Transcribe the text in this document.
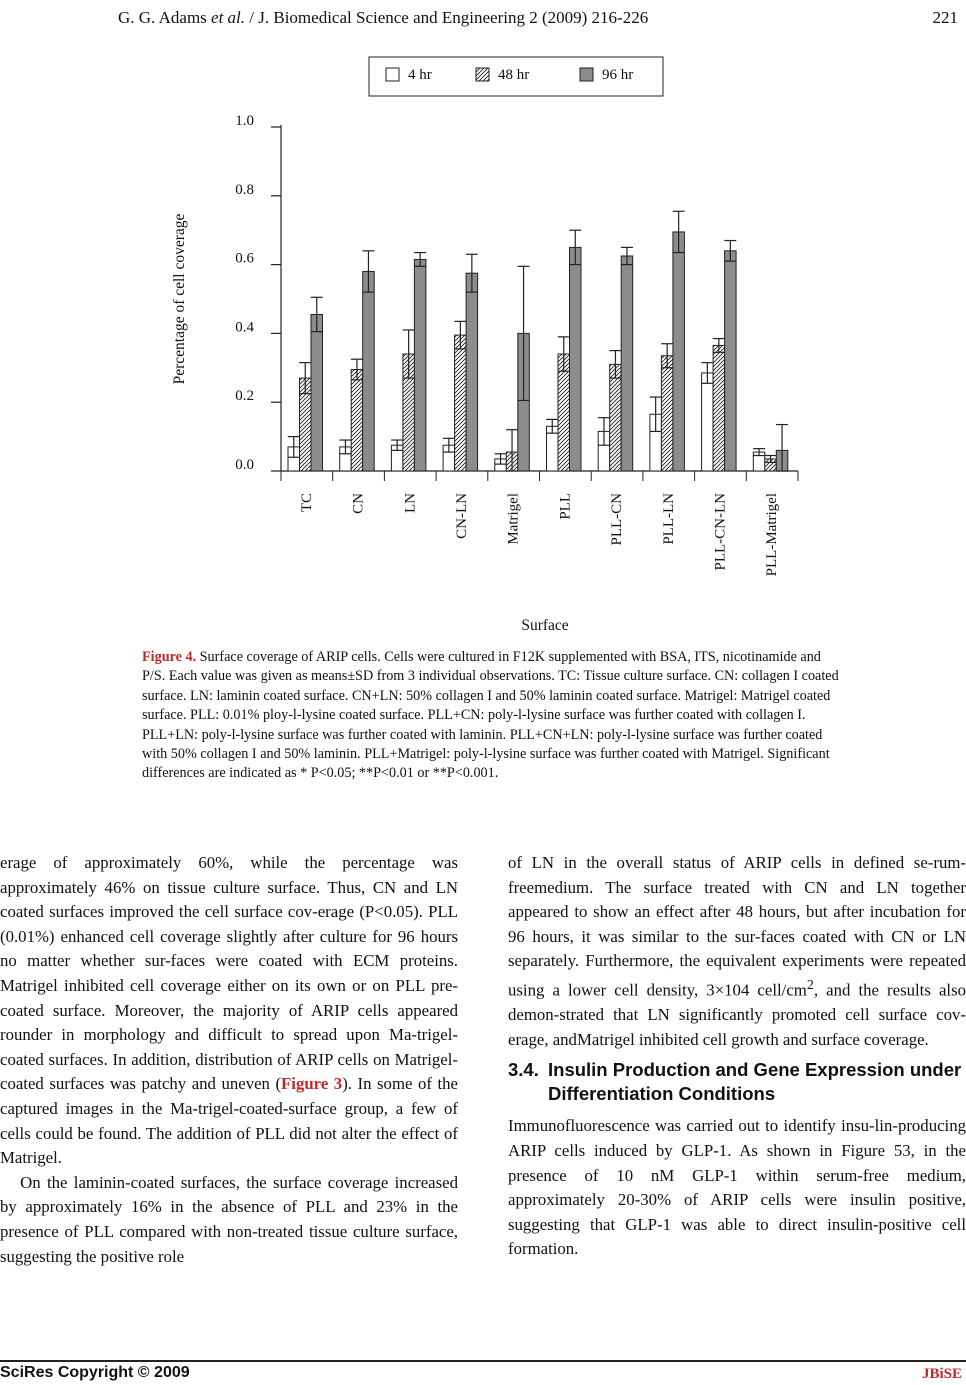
G. G. Adams et al. / J. Biomedical Science and Engineering 2 (2009) 216-226	221
4 hr	48 hr	96 hr
0.0
0.2
0.4
0.6
0.8
1.0
TC CN LN CN-LN Matrigel PLL PLL-CN PLL-LN PLL-CN-LN PLL-Matrigel
Percentage of cell coverage
Surface
Figure 4. Surface coverage of ARIP cells. Cells were cultured in F12K supplemented with BSA, ITS, nicotinamide and P/S. Each value was given as means±SD from 3 individual observations. TC: Tissue culture surface. CN: collagen I coated surface. LN: laminin coated surface. CN+LN: 50% collagen I and 50% laminin coated surface. Matrigel: Matrigel coated surface. PLL: 0.01% ploy-l-lysine coated surface. PLL+CN: poly-l-lysine surface was further coated with collagen I. PLL+LN: poly-l-lysine surface was further coated with laminin. PLL+CN+LN: poly-l-lysine surface was further coated with 50% collagen I and 50% laminin. PLL+Matrigel: poly-l-lysine surface was further coated with Matrigel. Significant differences are indicated as * P<0.05; **P<0.01 or **P<0.001.

erage of approximately 60%, while the percentage was approximately 46% on tissue culture surface. Thus, CN and LN coated surfaces improved the cell surface cov-erage (P<0.05). PLL (0.01%) enhanced cell coverage slightly after culture for 96 hours no matter whether sur-faces were coated with ECM proteins. Matrigel inhibited cell coverage either on its own or on PLL pre-coated surface. Moreover, the majority of ARIP cells appeared rounder in morphology and difficult to spread upon Ma-trigel-coated surfaces. In addition, distribution of ARIP cells on Matrigel-coated surfaces was patchy and uneven (Figure 3). In some of the captured images in the Ma-trigel-coated-surface group, a few of cells could be found. The addition of PLL did not alter the effect of Matrigel.

On the laminin-coated surfaces, the surface coverage increased by approximately 16% in the absence of PLL and 23% in the presence of PLL compared with non-treated tissue culture surface, suggesting the positive role

of LN in the overall status of ARIP cells in defined se-rum-freemedium. The surface treated with CN and LN together appeared to show an effect after 48 hours, but after incubation for 96 hours, it was similar to the sur-faces coated with CN or LN separately. Furthermore, the equivalent experiments were repeated using a lower cell density, 3×104 cell/$cm^2$, and the results also demon-strated that LN significantly promoted cell surface cov-erage, andMatrigel inhibited cell growth and surface coverage.

3.4. Insulin Production and Gene Expression under Differentiation Conditions

Immunofluorescence was carried out to identify insu-lin-producing ARIP cells induced by GLP-1. As shown in Figure 53, in the presence of 10 nM GLP-1 within serum-free medium, approximately 20-30% of ARIP cells were insulin positive, suggesting that GLP-1 was able to direct insulin-positive cell formation.

SciRes Copyright © 2009	JBiSE
